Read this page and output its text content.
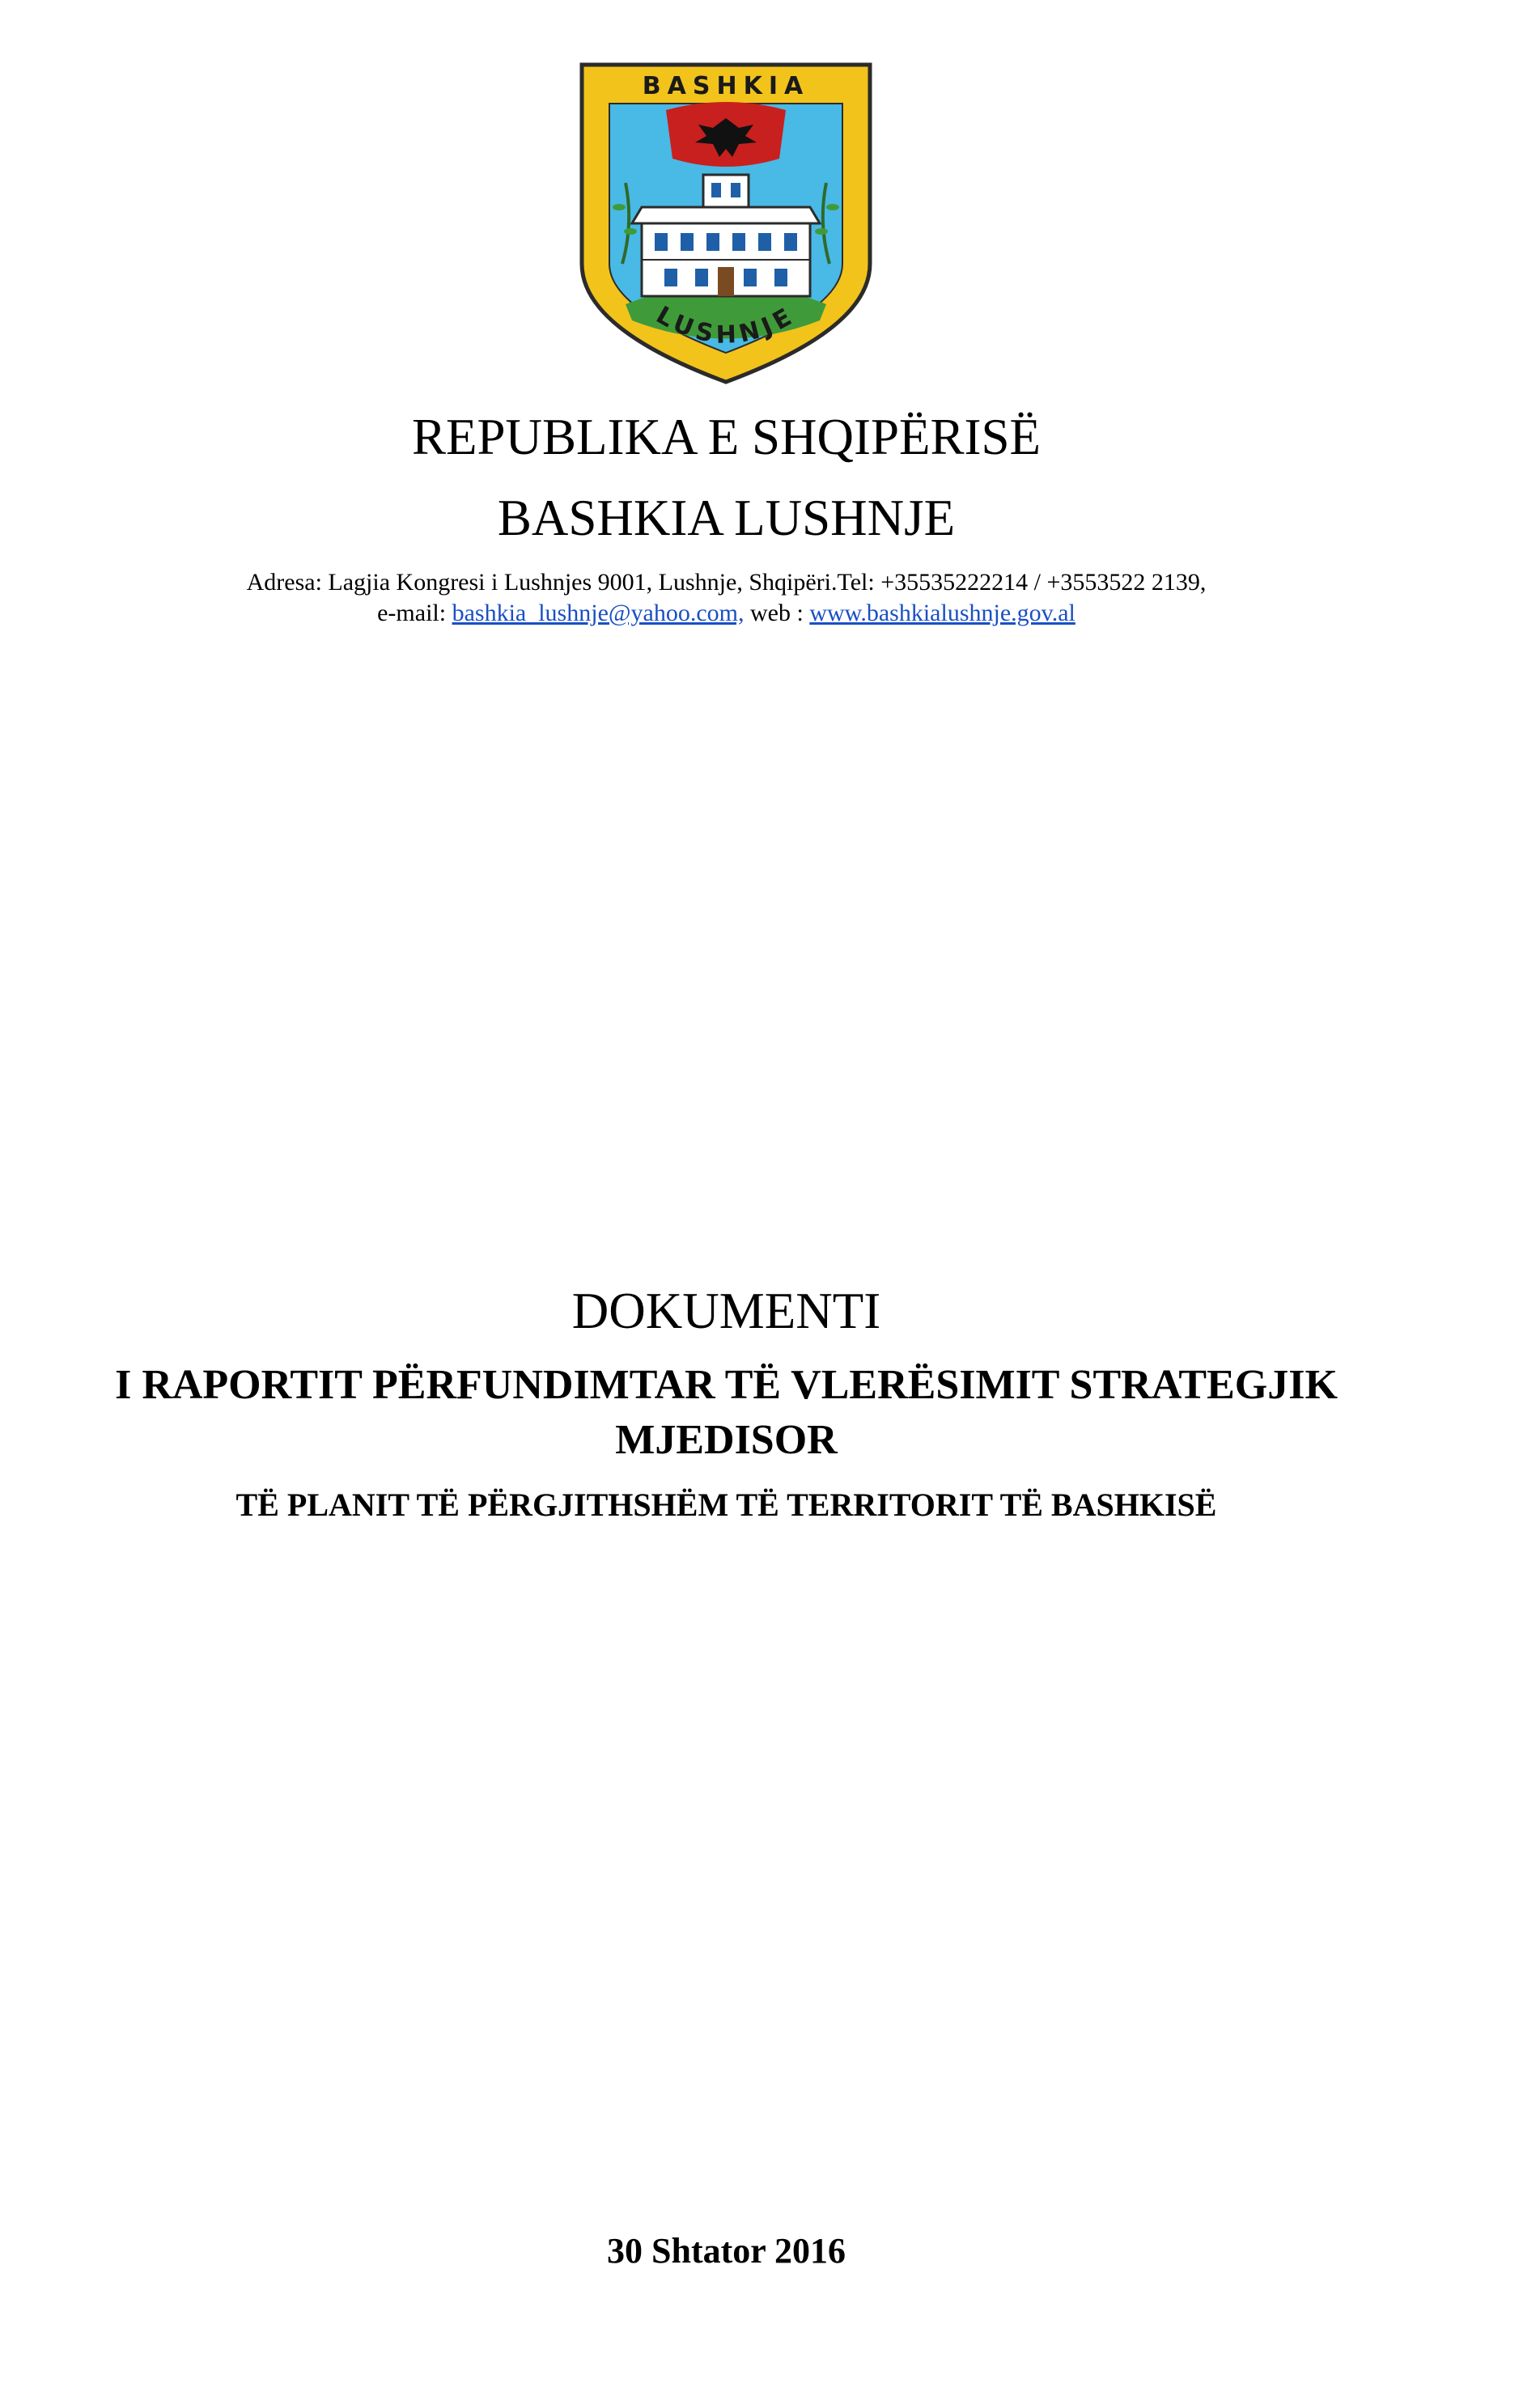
BASHKIA
LUSHNJE
REPUBLIKA E SHQIPËRISË
BASHKIA LUSHNJE
Adresa: Lagjia Kongresi i Lushnjes 9001, Lushnje, Shqipëri.Tel: +35535222214 / +3553522 2139,
e-mail: bashkia_lushnje@yahoo.com, web : www.bashkialushnje.gov.al
DOKUMENTI
I RAPORTIT PËRFUNDIMTAR TË VLERËSIMIT STRATEGJIK
MJEDISOR
TË PLANIT TË PËRGJITHSHËM TË TERRITORIT TË BASHKISË
30 Shtator 2016
